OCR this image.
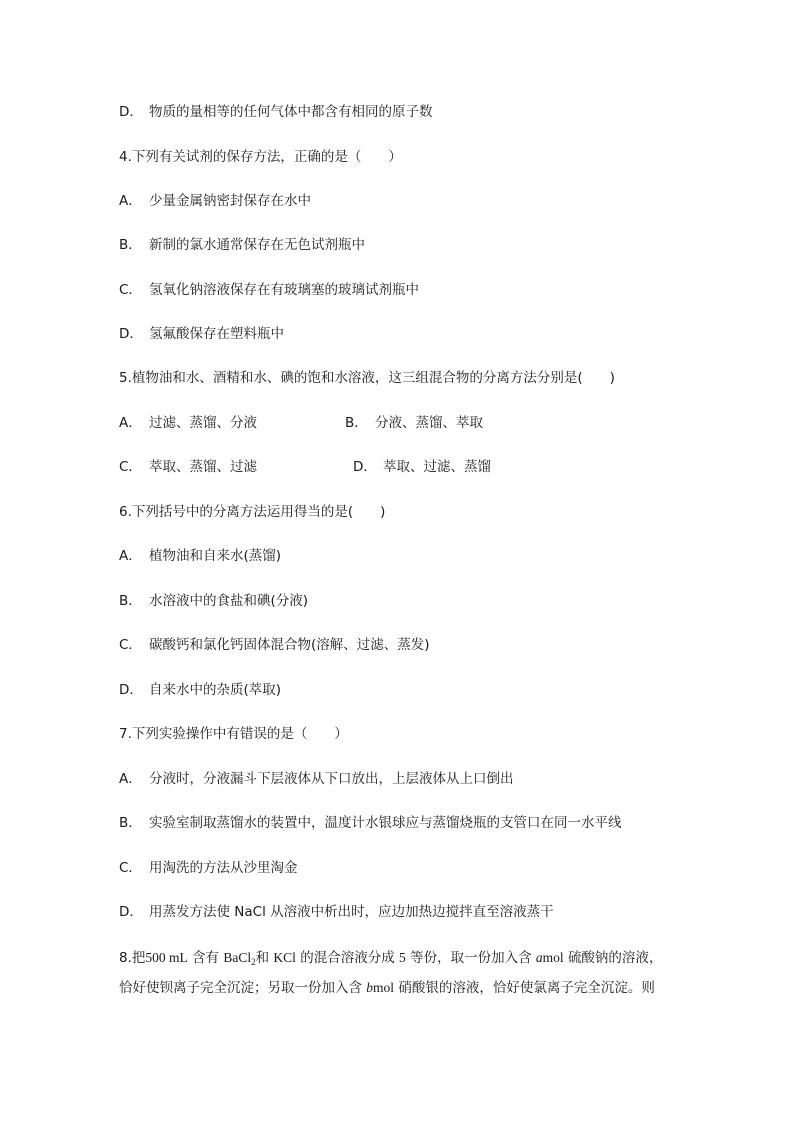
D． 物质的量相等的任何气体中都含有相同的原子数
4.下列有关试剂的保存方法，正确的是（　　）
A． 少量金属钠密封保存在水中
B． 新制的氯水通常保存在无色试剂瓶中
C． 氢氧化钠溶液保存在有玻璃塞的玻璃试剂瓶中
D． 氢氟酸保存在塑料瓶中
5.植物油和水、酒精和水、碘的饱和水溶液，这三组混合物的分离方法分别是(　　)
A． 过滤、蒸馏、分液	B． 分液、蒸馏、萃取
C． 萃取、蒸馏、过滤	D． 萃取、过滤、蒸馏
6.下列括号中的分离方法运用得当的是(　　)
A． 植物油和自来水(蒸馏)
B． 水溶液中的食盐和碘(分液)
C． 碳酸钙和氯化钙固体混合物(溶解、过滤、蒸发)
D． 自来水中的杂质(萃取)
7.下列实验操作中有错误的是（　　）
A． 分液时，分液漏斗下层液体从下口放出，上层液体从上口倒出
B． 实验室制取蒸馏水的装置中，温度计水银球应与蒸馏烧瓶的支管口在同一水平线
C． 用淘洗的方法从沙里淘金
D． 用蒸发方法使 NaCl 从溶液中析出时，应边加热边搅拌直至溶液蒸干
8.把500 mL 含有 BaCl$_2$和 KCl 的混合溶液分成 5 等份，取一份加入含 amol 硫酸钠的溶液，
恰好使钡离子完全沉淀；另取一份加入含 bmol 硝酸银的溶液，恰好使氯离子完全沉淀。则
